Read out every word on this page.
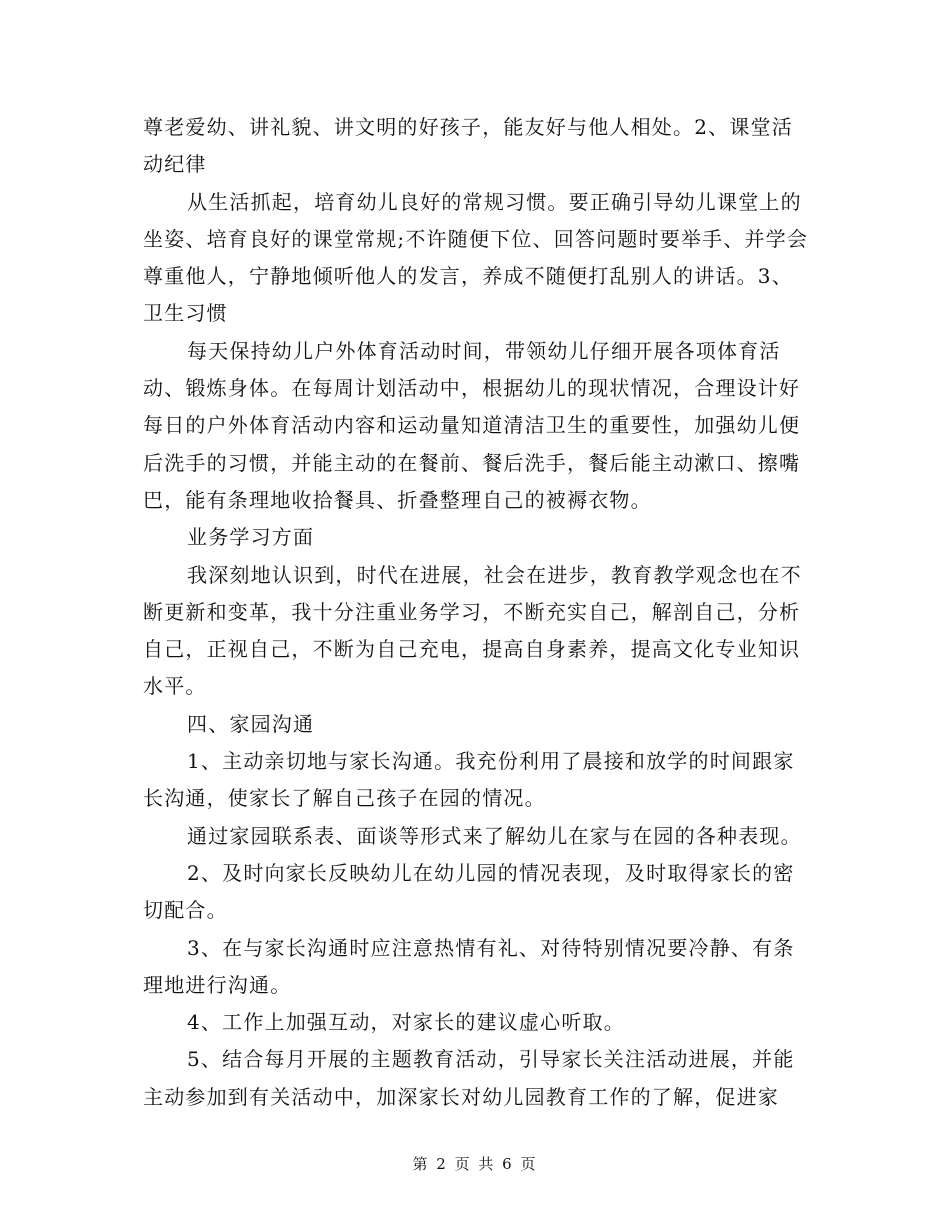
尊老爱幼、讲礼貌、讲文明的好孩子，能友好与他人相处。2、课堂活动纪律

从生活抓起，培育幼儿良好的常规习惯。要正确引导幼儿课堂上的坐姿、培育良好的课堂常规;不许随便下位、回答问题时要举手、并学会尊重他人，宁静地倾听他人的发言，养成不随便打乱别人的讲话。3、卫生习惯

每天保持幼儿户外体育活动时间，带领幼儿仔细开展各项体育活动、锻炼身体。在每周计划活动中，根据幼儿的现状情况，合理设计好每日的户外体育活动内容和运动量知道清洁卫生的重要性，加强幼儿便后洗手的习惯，并能主动的在餐前、餐后洗手，餐后能主动漱口、擦嘴巴，能有条理地收拾餐具、折叠整理自己的被褥衣物。

业务学习方面

我深刻地认识到，时代在进展，社会在进步，教育教学观念也在不断更新和变革，我十分注重业务学习，不断充实自己，解剖自己，分析自己，正视自己，不断为自己充电，提高自身素养，提高文化专业知识水平。

四、家园沟通

1、主动亲切地与家长沟通。我充份利用了晨接和放学的时间跟家长沟通，使家长了解自己孩子在园的情况。

通过家园联系表、面谈等形式来了解幼儿在家与在园的各种表现。

2、及时向家长反映幼儿在幼儿园的情况表现，及时取得家长的密切配合。

3、在与家长沟通时应注意热情有礼、对待特别情况要冷静、有条理地进行沟通。

4、工作上加强互动，对家长的建议虚心听取。

5、结合每月开展的主题教育活动，引导家长关注活动进展，并能主动参加到有关活动中，加深家长对幼儿园教育工作的了解，促进家

第 2 页 共 6 页
